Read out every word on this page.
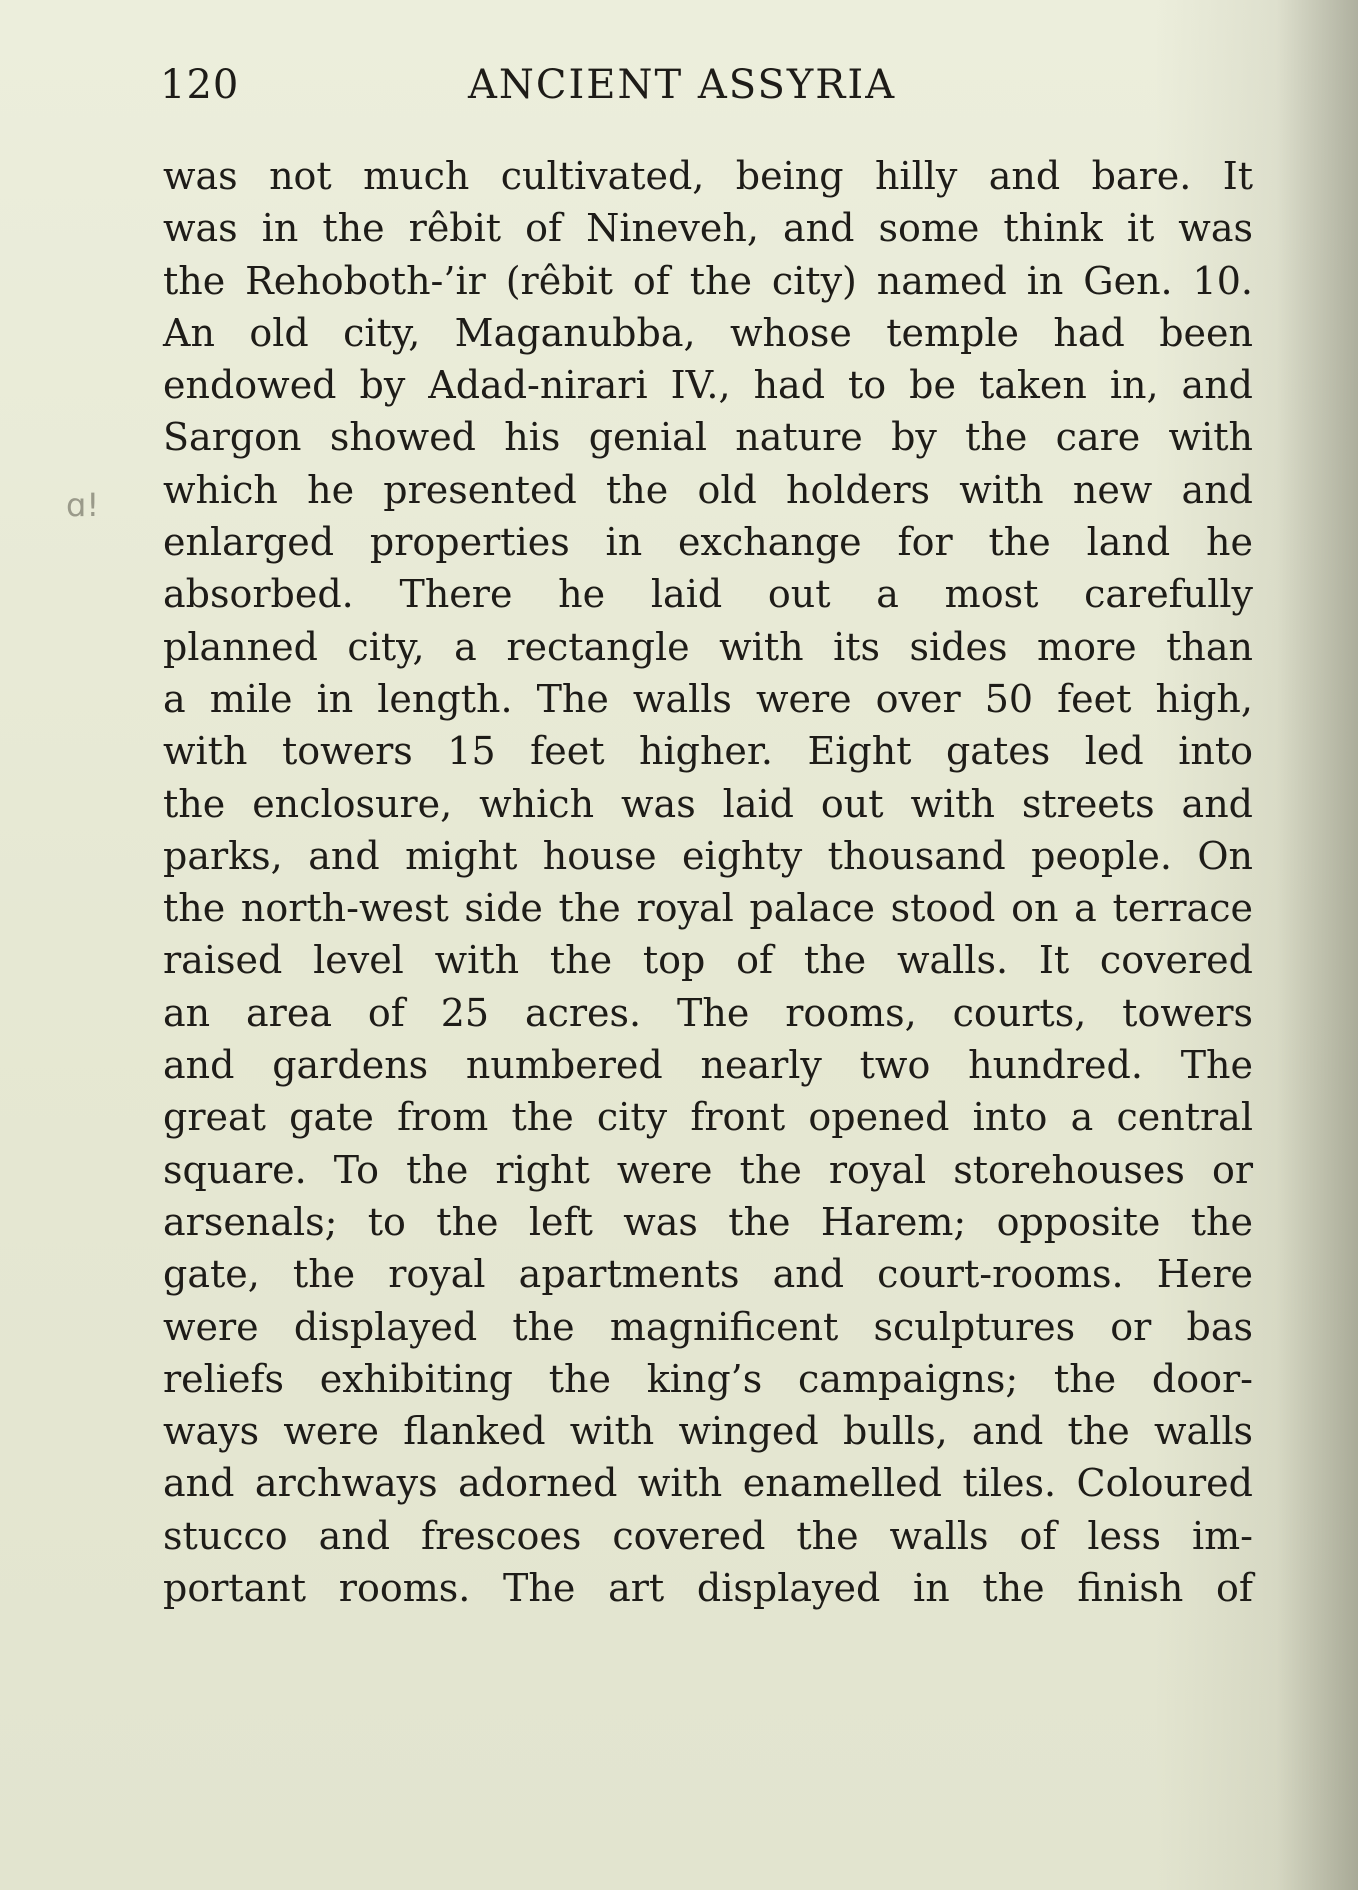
120	ANCIENT ASSYRIA
ɑ!
was not much cultivated, being hilly and bare. It
was in the rêbit of Nineveh, and some think it was
the Rehoboth-’ir (rêbit of the city) named in Gen. 10.
An old city, Maganubba, whose temple had been
endowed by Adad-nirari IV., had to be taken in, and
Sargon showed his genial nature by the care with
which he presented the old holders with new and
enlarged properties in exchange for the land he
absorbed. There he laid out a most carefully
planned city, a rectangle with its sides more than
a mile in length. The walls were over 50 feet high,
with towers 15 feet higher. Eight gates led into
the enclosure, which was laid out with streets and
parks, and might house eighty thousand people. On
the north-west side the royal palace stood on a terrace
raised level with the top of the walls. It covered
an area of 25 acres. The rooms, courts, towers
and gardens numbered nearly two hundred. The
great gate from the city front opened into a central
square. To the right were the royal storehouses or
arsenals; to the left was the Harem; opposite the
gate, the royal apartments and court-rooms. Here
were displayed the magnificent sculptures or bas
reliefs exhibiting the king’s campaigns; the door-
ways were flanked with winged bulls, and the walls
and archways adorned with enamelled tiles. Coloured
stucco and frescoes covered the walls of less im-
portant rooms. The art displayed in the finish of
